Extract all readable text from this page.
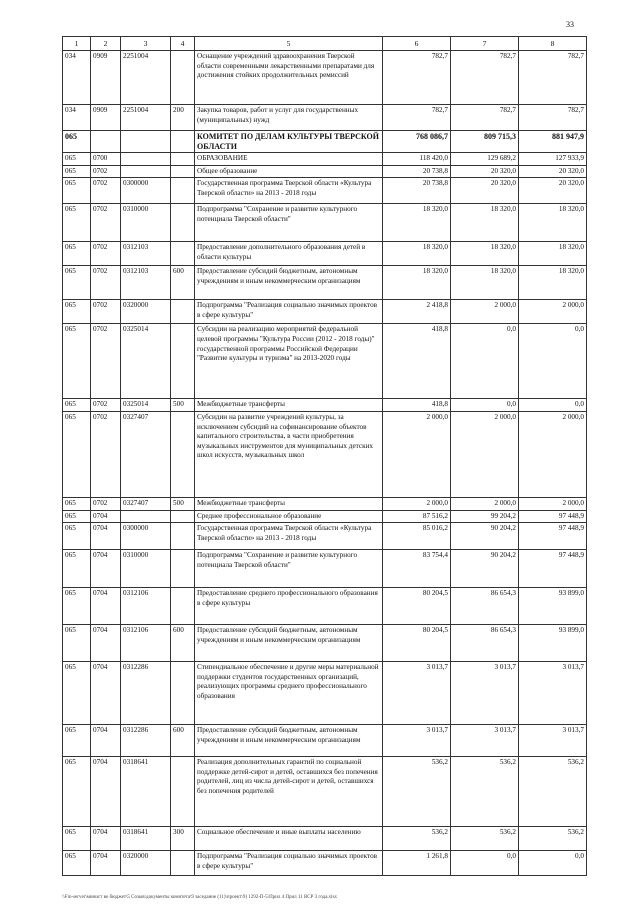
33
1	2	3	4	5	6	7	8
034	0909	2251004		Оснащение учреждений здравоохранения Тверской области современными лекарственными препаратами для достижения стойких продолжительных ремиссий	782,7	782,7	782,7
034	0909	2251004	200	Закупка товаров, работ и услуг для государственных (муниципальных) нужд	782,7	782,7	782,7
065				КОМИТЕТ ПО ДЕЛАМ КУЛЬТУРЫ ТВЕРСКОЙ ОБЛАСТИ	768 086,7	809 715,3	881 947,9
065	0700			ОБРАЗОВАНИЕ	118 420,0	129 689,2	127 933,9
065	0702			Общее образование	20 738,8	20 320,0	20 320,0
065	0702	0300000		Государственная программа Тверской области «Культура Тверской области» на 2013 - 2018 годы	20 738,8	20 320,0	20 320,0
065	0702	0310000		Подпрограмма "Сохранение и развитие культурного потенциала Тверской области"	18 320,0	18 320,0	18 320,0
065	0702	0312103		Предоставление дополнительного образования детей в области культуры	18 320,0	18 320,0	18 320,0
065	0702	0312103	600	Предоставление субсидий бюджетным, автономным учреждениям и иным некоммерческим организациям	18 320,0	18 320,0	18 320,0
065	0702	0320000		Подпрограмма "Реализация социально значимых проектов в сфере культуры"	2 418,8	2 000,0	2 000,0
065	0702	0325014		Субсидии на реализацию мероприятий федеральной целевой программы "Культура России (2012 - 2018 годы)" государственной программы Российской Федерации "Развитие культуры и туризма" на 2013-2020 годы	418,8	0,0	0,0
065	0702	0325014	500	Межбюджетные трансферты	418,8	0,0	0,0
065	0702	0327407		Субсидии на развитие учреждений культуры, за исключением субсидий на софинансирование объектов капитального строительства, в части приобретения музыкальных инструментов для муниципальных детских школ искусств, музыкальных школ	2 000,0	2 000,0	2 000,0
065	0702	0327407	500	Межбюджетные трансферты	2 000,0	2 000,0	2 000,0
065	0704			Среднее профессиональное образование	87 516,2	99 204,2	97 448,9
065	0704	0300000		Государственная программа Тверской области «Культура Тверской области» на 2013 - 2018 годы	85 016,2	90 204,2	97 448,9
065	0704	0310000		Подпрограмма "Сохранение и развитие культурного потенциала Тверской области"	83 754,4	90 204,2	97 448,9
065	0704	0312106		Предоставление среднего профессионального образования в сфере культуры	80 204,5	86 654,3	93 899,0
065	0704	0312106	600	Предоставление субсидий бюджетным, автономным учреждениям и иным некоммерческим организациям	80 204,5	86 654,3	93 899,0
065	0704	0312286		Стипендиальное обеспечение и другие меры материальной поддержки студентов государственных организаций, реализующих программы среднего профессионального образования	3 013,7	3 013,7	3 013,7
065	0704	0312286	600	Предоставление субсидий бюджетным, автономным учреждениям и иным некоммерческим организациям	3 013,7	3 013,7	3 013,7
065	0704	0318641		Реализация дополнительных гарантий по социальной поддержке детей-сирот и детей, оставшихся без попечения родителей, лиц из числа детей-сирот и детей, оставшихся без попечения родителей	536,2	536,2	536,2
065	0704	0318641	300	Социальное обеспечение и иные выплаты населению	536,2	536,2	536,2
065	0704	0320000		Подпрограмма "Реализация социально значимых проектов в сфере культуры"	1 261,8	0,0	0,0
\\Fin-server\минист во бюджет\5 Созыв\документы комитета\9 заседание (11)\проект\9) 1292-П-5\Прил 4 Прил 11 ВСР 3 года.xlsx
